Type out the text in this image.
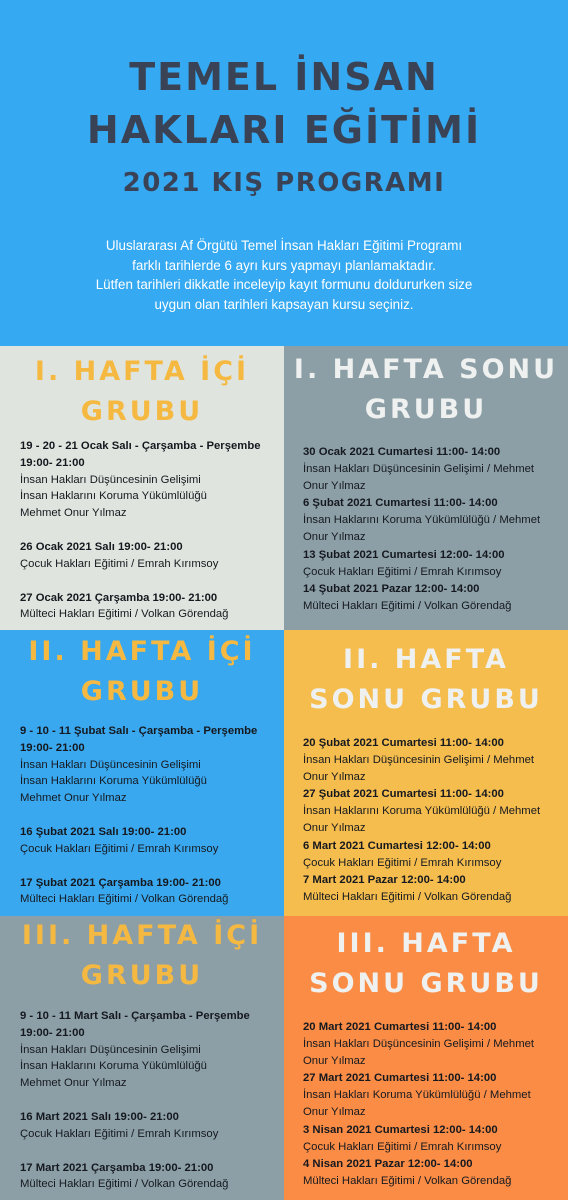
TEMEL İNSAN
HAKLARI EĞİTİMİ
2021 KIŞ PROGRAMI
Uluslararası Af Örgütü Temel İnsan Hakları Eğitimi Programı
farklı tarihlerde 6 ayrı kurs yapmayı planlamaktadır.
Lütfen tarihleri dikkatle inceleyip kayıt formunu doldururken size
uygun olan tarihleri kapsayan kursu seçiniz.
I. HAFTA İÇİ
GRUBU
19 - 20 - 21 Ocak Salı - Çarşamba - Perşembe 19:00- 21:00
İnsan Hakları Düşüncesinin Gelişimi
İnsan Haklarını Koruma Yükümlülüğü
Mehmet Onur Yılmaz
26 Ocak 2021 Salı 19:00- 21:00
Çocuk Hakları Eğitimi / Emrah Kırımsoy
27 Ocak 2021 Çarşamba 19:00- 21:00
Mülteci Hakları Eğitimi / Volkan Görendağ
I. HAFTA SONU
GRUBU
30 Ocak 2021 Cumartesi 11:00- 14:00
İnsan Hakları Düşüncesinin Gelişimi / Mehmet
Onur Yılmaz
6 Şubat 2021 Cumartesi 11:00- 14:00
İnsan Haklarını Koruma Yükümlülüğü / Mehmet
Onur Yılmaz
13 Şubat 2021 Cumartesi 12:00- 14:00
Çocuk Hakları Eğitimi / Emrah Kırımsoy
14 Şubat 2021 Pazar 12:00- 14:00
Mülteci Hakları Eğitimi / Volkan Görendağ
II. HAFTA İÇİ
GRUBU
9 - 10 - 11 Şubat Salı - Çarşamba - Perşembe 19:00- 21:00
İnsan Hakları Düşüncesinin Gelişimi
İnsan Haklarını Koruma Yükümlülüğü
Mehmet Onur Yılmaz
16 Şubat 2021 Salı 19:00- 21:00
Çocuk Hakları Eğitimi / Emrah Kırımsoy
17 Şubat 2021 Çarşamba 19:00- 21:00
Mülteci Hakları Eğitimi / Volkan Görendağ
II. HAFTA
SONU GRUBU
20 Şubat 2021 Cumartesi 11:00- 14:00
İnsan Hakları Düşüncesinin Gelişimi / Mehmet
Onur Yılmaz
27 Şubat 2021 Cumartesi 11:00- 14:00
İnsan Haklarını Koruma Yükümlülüğü / Mehmet
Onur Yılmaz
6 Mart 2021 Cumartesi 12:00- 14:00
Çocuk Hakları Eğitimi / Emrah Kırımsoy
7 Mart 2021 Pazar 12:00- 14:00
Mülteci Hakları Eğitimi / Volkan Görendağ
III. HAFTA İÇİ
GRUBU
9 - 10 - 11 Mart Salı - Çarşamba - Perşembe 19:00- 21:00
İnsan Hakları Düşüncesinin Gelişimi
İnsan Haklarını Koruma Yükümlülüğü
Mehmet Onur Yılmaz
16 Mart 2021 Salı 19:00- 21:00
Çocuk Hakları Eğitimi / Emrah Kırımsoy
17 Mart 2021 Çarşamba 19:00- 21:00
Mülteci Hakları Eğitimi / Volkan Görendağ
III. HAFTA
SONU GRUBU
20 Mart 2021 Cumartesi 11:00- 14:00
İnsan Hakları Düşüncesinin Gelişimi / Mehmet
Onur Yılmaz
27 Mart 2021 Cumartesi 11:00- 14:00
İnsan Hakları Koruma Yükümlülüğü / Mehmet
Onur Yılmaz
3 Nisan 2021 Cumartesi 12:00- 14:00
Çocuk Hakları Eğitimi / Emrah Kırımsoy
4 Nisan 2021 Pazar 12:00- 14:00
Mülteci Hakları Eğitimi / Volkan Görendağ
